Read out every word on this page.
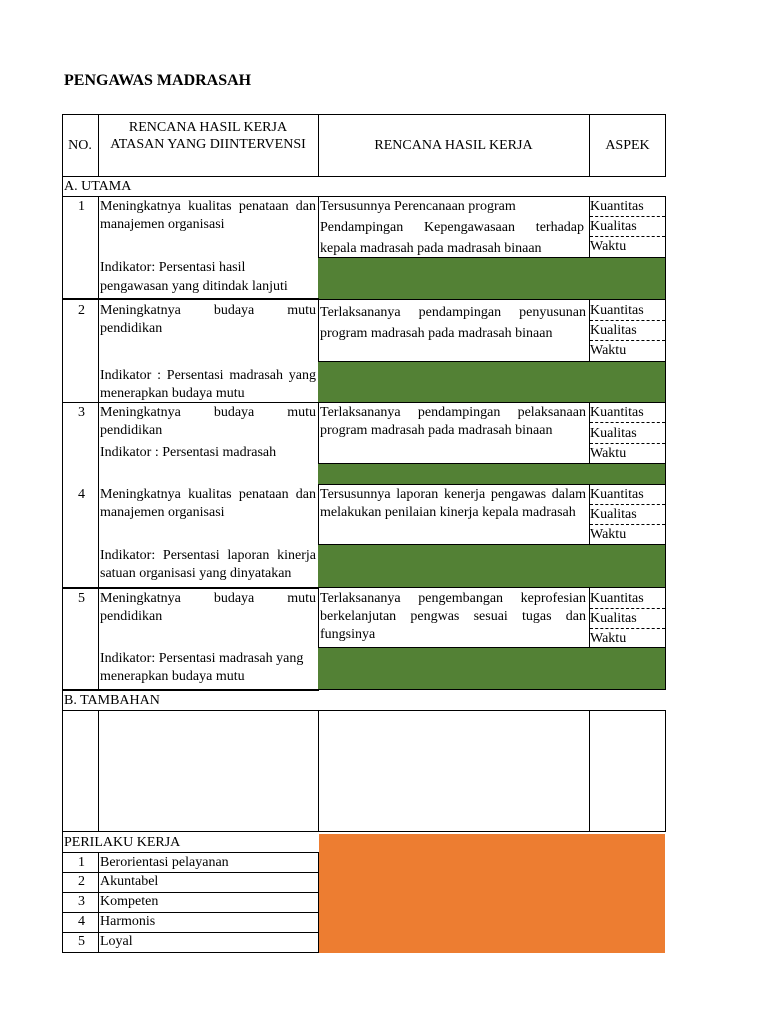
PENGAWAS MADRASAH
NO.
RENCANA HASIL KERJA ATASAN YANG DIINTERVENSI	RENCANA HASIL KERJA	ASPEK
A. UTAMA
1 Meningkatnya kualitas penataan dan manajemen organisasi
Indikator: Persentasi hasil pengawasan yang ditindak lanjuti
Tersusunnya Perencanaan program
Pendampingan Kepengawasaan terhadap
kepala madrasah pada madrasah binaan
Kuantitas
Kualitas
Waktu
2 Meningkatnya budaya mutu pendidikan
Indikator : Persentasi madrasah yang menerapkan budaya mutu
Terlaksananya pendampingan penyusunan program madrasah pada madrasah binaan
Kuantitas
Kualitas
Waktu
3 Meningkatnya budaya mutu pendidikan
Indikator : Persentasi madrasah
Terlaksananya pendampingan pelaksanaan program madrasah pada madrasah binaan
Kuantitas
Kualitas
Waktu
4 Meningkatnya kualitas penataan dan manajemen organisasi
Indikator: Persentasi laporan kinerja satuan organisasi yang dinyatakan
Tersusunnya laporan kenerja pengawas dalam melakukan penilaian kinerja kepala madrasah
Kuantitas
Kualitas
Waktu
5 Meningkatnya budaya mutu pendidikan
Indikator: Persentasi madrasah yang menerapkan budaya mutu
Terlaksananya pengembangan keprofesian berkelanjutan pengwas sesuai tugas dan fungsinya
Kuantitas
Kualitas
Waktu
B. TAMBAHAN
PERILAKU KERJA
1 Berorientasi pelayanan
2 Akuntabel
3 Kompeten
4 Harmonis
5 Loyal
